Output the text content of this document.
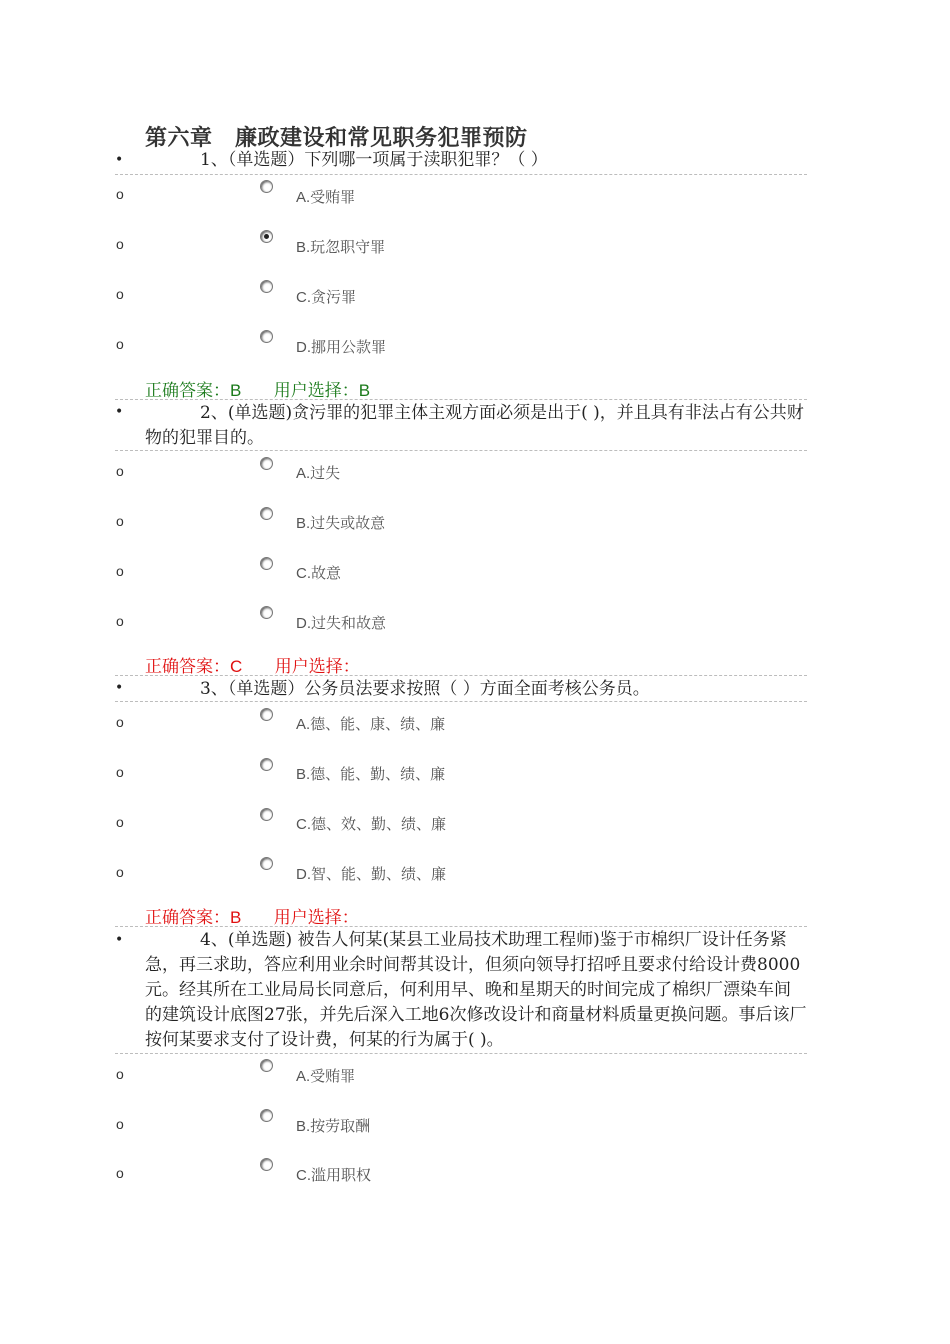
第六章　廉政建设和常见职务犯罪预防
•	1、（单选题）下列哪一项属于渎职犯罪？（ ）
o	A.受贿罪
o	B.玩忽职守罪
o	C.贪污罪
o	D.挪用公款罪
正确答案：B 用户选择：B
•	2、(单选题)贪污罪的犯罪主体主观方面必须是出于( )，并且具有非法占有公共财物的犯罪目的。
o	A.过失
o	B.过失或故意
o	C.故意
o	D.过失和故意
正确答案：C 用户选择：
•	3、（单选题）公务员法要求按照（ ）方面全面考核公务员。
o	A.德、能、康、绩、廉
o	B.德、能、勤、绩、廉
o	C.德、效、勤、绩、廉
o	D.智、能、勤、绩、廉
正确答案：B 用户选择：
•	4、(单选题) 被告人何某(某县工业局技术助理工程师)鉴于市棉织厂设计任务紧急，再三求助，答应利用业余时间帮其设计，但须向领导打招呼且要求付给设计费8000元。经其所在工业局局长同意后，何利用早、晚和星期天的时间完成了棉织厂漂染车间的建筑设计底图27张，并先后深入工地6次修改设计和商量材料质量更换问题。事后该厂按何某要求支付了设计费，何某的行为属于( )。
o	A.受贿罪
o	B.按劳取酬
o	C.滥用职权
